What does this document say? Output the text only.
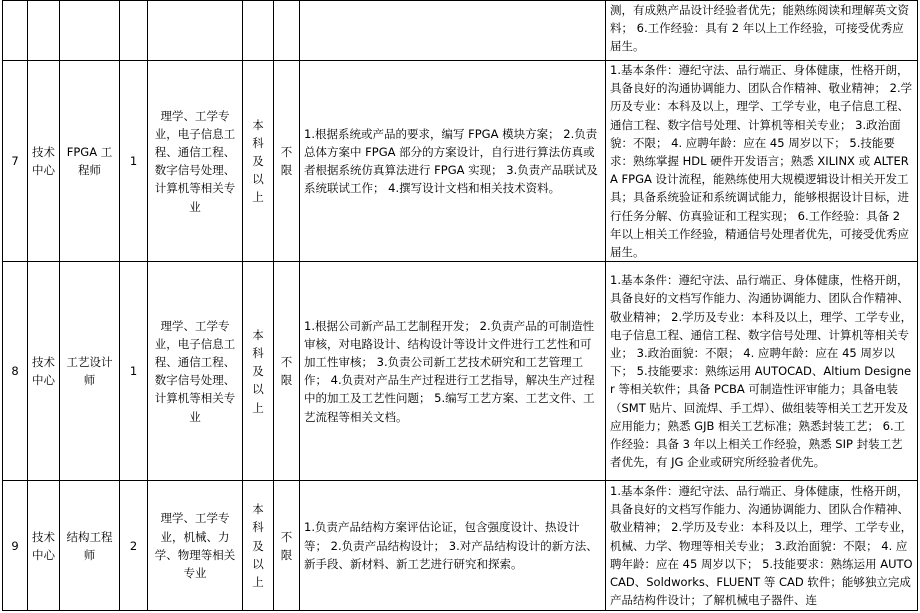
								测，有成熟产品设计经验者优先；能熟练阅读和理解英文资料； 6.工作经验：具有 2 年以上工作经验，可接受优秀应届生。
7	技术中心	FPGA 工程师	1	理学、工学专业，电子信息工程、通信工程、数字信号处理、计算机等相关专业	本科及以上	不限	1.根据系统或产品的要求，编写 FPGA 模块方案； 2.负责总体方案中 FPGA 部分的方案设计，自行进行算法仿真或者根据系统仿真算法进行 FPGA 实现； 3.负责产品联试及系统联试工作； 4.撰写设计文档和相关技术资料。	1.基本条件：遵纪守法、品行端正、身体健康，性格开朗，具备良好的沟通协调能力、团队合作精神、敬业精神； 2.学历及专业：本科及以上，理学、工学专业，电子信息工程、通信工程、数字信号处理、计算机等相关专业； 3.政治面貌：不限； 4. 应聘年龄：应在 45 周岁以下； 5.技能要求：熟练掌握 HDL 硬件开发语言；熟悉 XILINX 或 ALTERA FPGA 设计流程，能熟练使用大规模逻辑设计相关开发工具；具备系统验证和系统调试能力，能够根据设计目标，进行任务分解、仿真验证和工程实现； 6.工作经验：具备 2 年以上相关工作经验，精通信号处理者优先，可接受优秀应届生。
8	技术中心	工艺设计师	1	理学、工学专业，电子信息工程、通信工程、数字信号处理、计算机等相关专业	本科及以上	不限	1.根据公司新产品工艺制程开发； 2.负责产品的可制造性审核，对电路设计、结构设计等设计文件进行工艺性和可加工性审核； 3.负责公司新工艺技术研究和工艺管理工作； 4.负责对产品生产过程进行工艺指导，解决生产过程中的加工及工艺性问题； 5.编写工艺方案、工艺文件、工艺流程等相关文档。	1.基本条件：遵纪守法、品行端正、身体健康，性格开朗，具备良好的文档写作能力、沟通协调能力、团队合作精神、敬业精神； 2.学历及专业：本科及以上，理学、工学专业，电子信息工程、通信工程、数字信号处理、计算机等相关专业； 3.政治面貌：不限； 4. 应聘年龄：应在 45 周岁以下； 5.技能要求：熟练运用 AUTOCAD、Altium Designer 等相关软件；具备 PCBA 可制造性评审能力；具备电装（SMT 贴片、回流焊、手工焊）、做组装等相关工艺开发及应用能力；熟悉 GJB 相关工艺标准；熟悉封装工艺； 6.工作经验：具备 3 年以上相关工作经验，熟悉 SIP 封装工艺者优先，有 JG 企业或研究所经验者优先。
9	技术中心	结构工程师	2	理学、工学专业，机械、力学、物理等相关专业	本科及以上	不限	1.负责产品结构方案评估论证，包含强度设计、热设计等； 2.负责产品结构设计； 3.对产品结构设计的新方法、新手段、新材料、新工艺进行研究和探索。	1.基本条件：遵纪守法、品行端正、身体健康，性格开朗，具备良好的文档写作能力、沟通协调能力、团队合作精神、敬业精神； 2.学历及专业：本科及以上，理学、工学专业，机械、力学、物理等相关专业； 3.政治面貌：不限； 4. 应聘年龄：应在 45 周岁以下； 5.技能要求：熟练运用 AUTOCAD、Soldworks、FLUENT 等 CAD 软件；能够独立完成产品结构件设计；了解机械电子器件、连
